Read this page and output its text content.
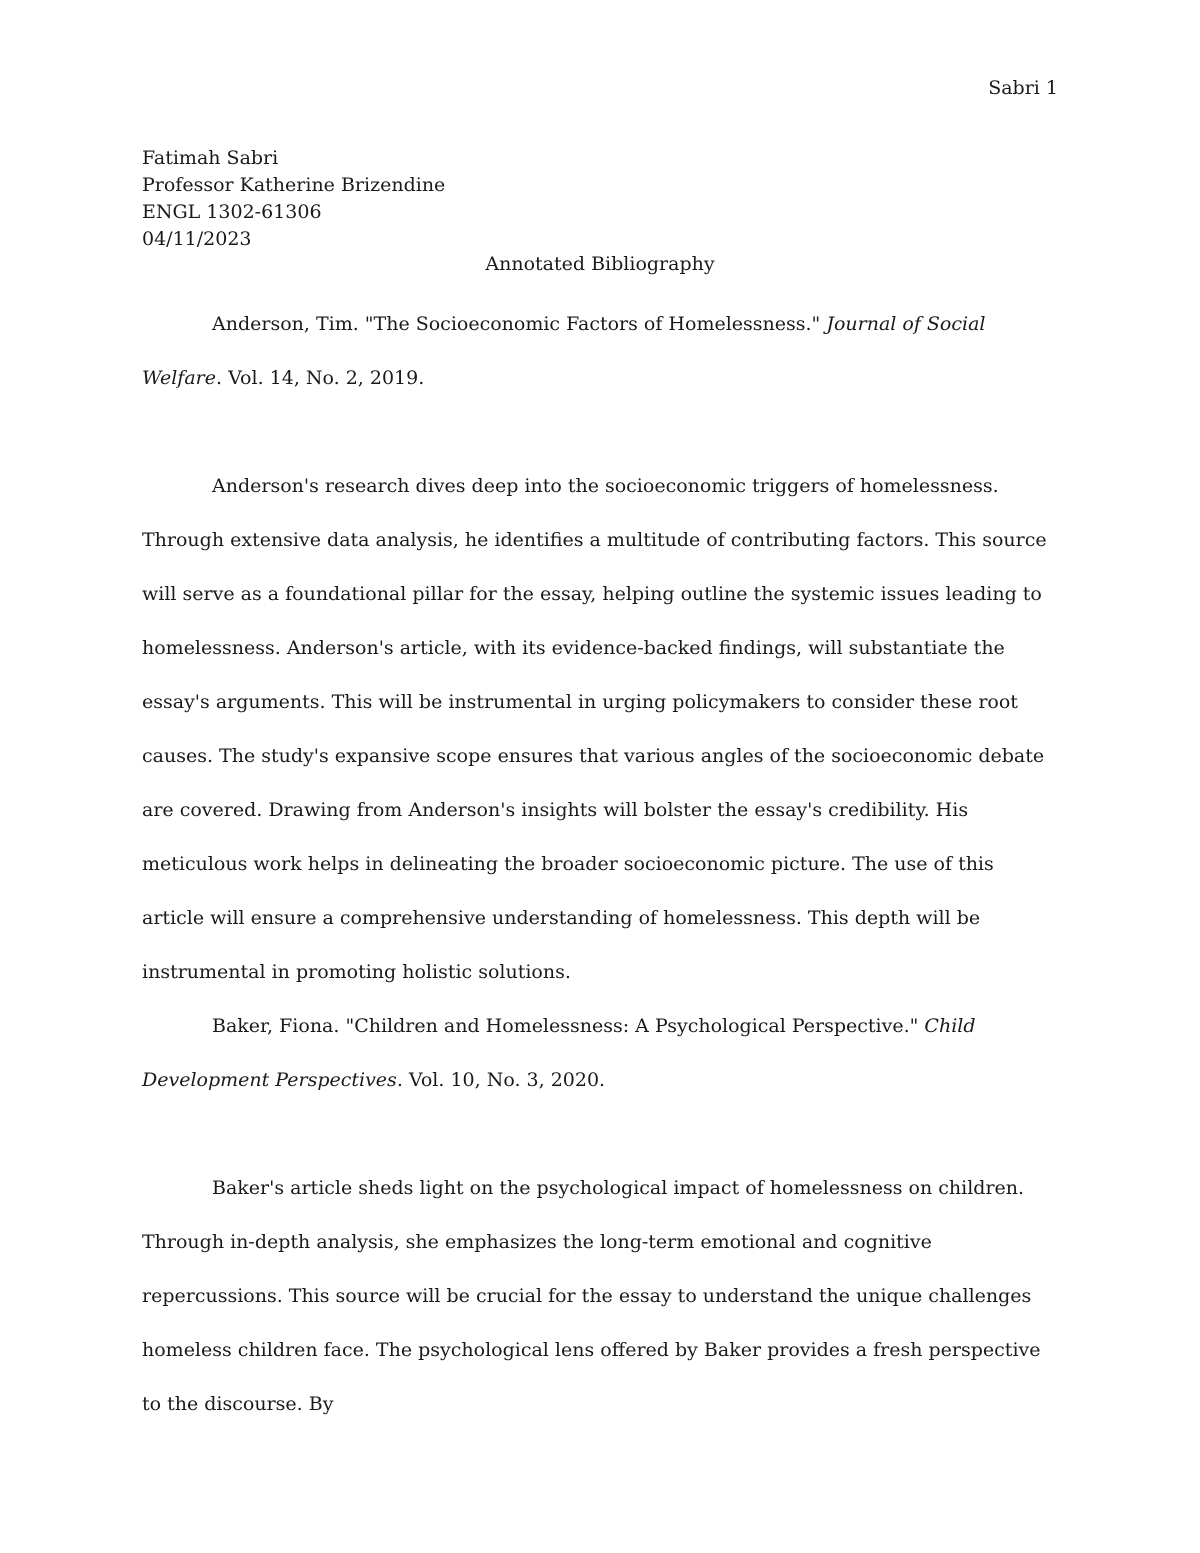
Sabri 1
Fatimah Sabri
Professor Katherine Brizendine
ENGL 1302-61306
04/11/2023
Annotated Bibliography

Anderson, Tim. "The Socioeconomic Factors of Homelessness." Journal of Social Welfare. Vol. 14, No. 2, 2019.

Anderson's research dives deep into the socioeconomic triggers of homelessness. Through extensive data analysis, he identifies a multitude of contributing factors. This source will serve as a foundational pillar for the essay, helping outline the systemic issues leading to homelessness. Anderson's article, with its evidence-backed findings, will substantiate the essay's arguments. This will be instrumental in urging policymakers to consider these root causes. The study's expansive scope ensures that various angles of the socioeconomic debate are covered. Drawing from Anderson's insights will bolster the essay's credibility. His meticulous work helps in delineating the broader socioeconomic picture. The use of this article will ensure a comprehensive understanding of homelessness. This depth will be instrumental in promoting holistic solutions.

Baker, Fiona. "Children and Homelessness: A Psychological Perspective." Child Development Perspectives. Vol. 10, No. 3, 2020.

Baker's article sheds light on the psychological impact of homelessness on children. Through in-depth analysis, she emphasizes the long-term emotional and cognitive repercussions. This source will be crucial for the essay to understand the unique challenges homeless children face. The psychological lens offered by Baker provides a fresh perspective to the discourse. By
